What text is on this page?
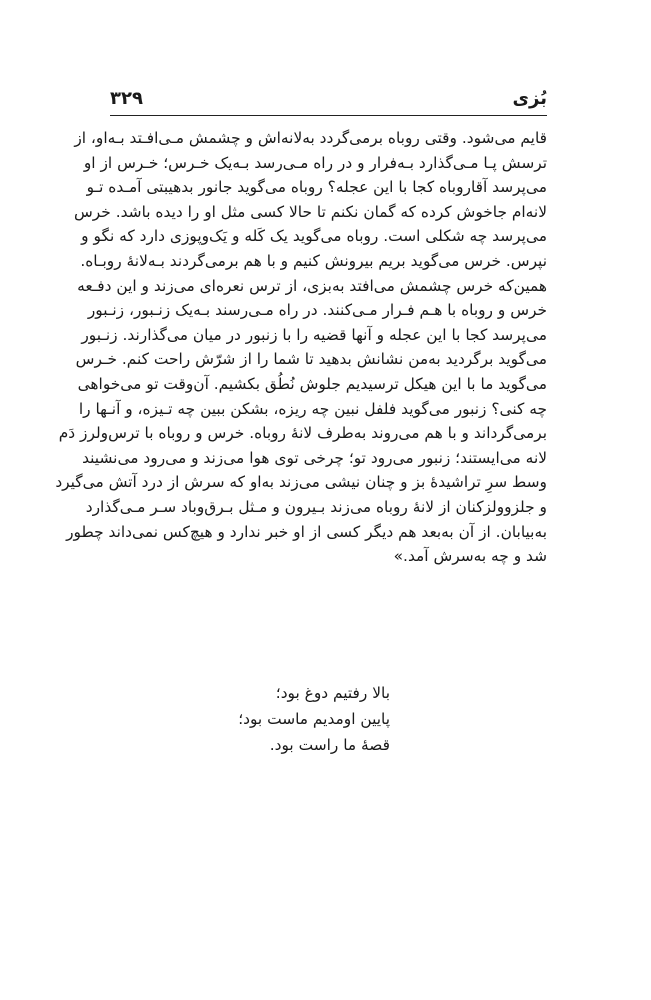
بُزی
۳۲۹
قایم می‌شود. وقتی روباه برمی‌گردد به‌لانه‌اش و چشمش مـی‌افـتد بـه‌او، از
ترسش پـا مـی‌گذارد بـه‌فرار و در راه مـی‌رسد بـه‌یک خـرس؛ خـرس از او
می‌پرسد آقاروباه کجا با این عجله؟ روباه می‌گوید جانور بدهیبتی آمـده تـو
لانه‌ام جاخوش کرده که گمان نکنم تا حالا کسی مثل او را دیده باشد. خرس
می‌پرسد چه شکلی است. روباه می‌گوید یک کَله و یَک‌وپوزی دارد که نگو و
نپرس. خرس می‌گوید بریم بیرونش کنیم و با هم برمی‌گردند بـه‌لانهٔ روبـاه.
همین‌که خرس چشمش می‌افتد به‌بزی، از ترس نعره‌ای می‌زند و این دفـعه
خرس و روباه با هـم فـرار مـی‌کنند. در راه مـی‌رسند بـه‌یک زنـبور، زنـبور
می‌پرسد کجا با این عجله و آنها قضیه را با زنبور در میان می‌گذارند. زنـبور
می‌گوید برگردید به‌من نشانش بدهید تا شما را از شرّش راحت کنم. خـرس
می‌گوید ما با این هیکل ترسیدیم جلوش نُطُق بکشیم. آن‌وقت تو می‌خواهی
چه کنی؟ زنبور می‌گوید فلفل نبین چه ریزه، بشکن ببین چه تـیزه، و آنـها را
برمی‌گرداند و با هم می‌روند به‌طرف لانهٔ روباه. خرس و روباه با ترس‌ولرز دَم
لانه می‌ایستند؛ زنبور می‌رود تو؛ چرخی توی هوا می‌زند و می‌رود می‌نشیند
وسط سرِ تراشیدهٔ بز و چنان نیشی می‌زند به‌او که سرش از درد آتش می‌گیرد
و جلزوولزکنان از لانهٔ روباه می‌زند بـیرون و مـثل بـرق‌وباد سـر مـی‌گذارد
به‌بیابان. از آن به‌بعد هم دیگر کسی از او خبر ندارد و هیچ‌کس نمی‌داند چطور
شد و چه به‌سرش آمد.»
بالا رفتیم دوغ بود؛
پایین اومدیم ماست بود؛
قصهٔ ما راست بود.
